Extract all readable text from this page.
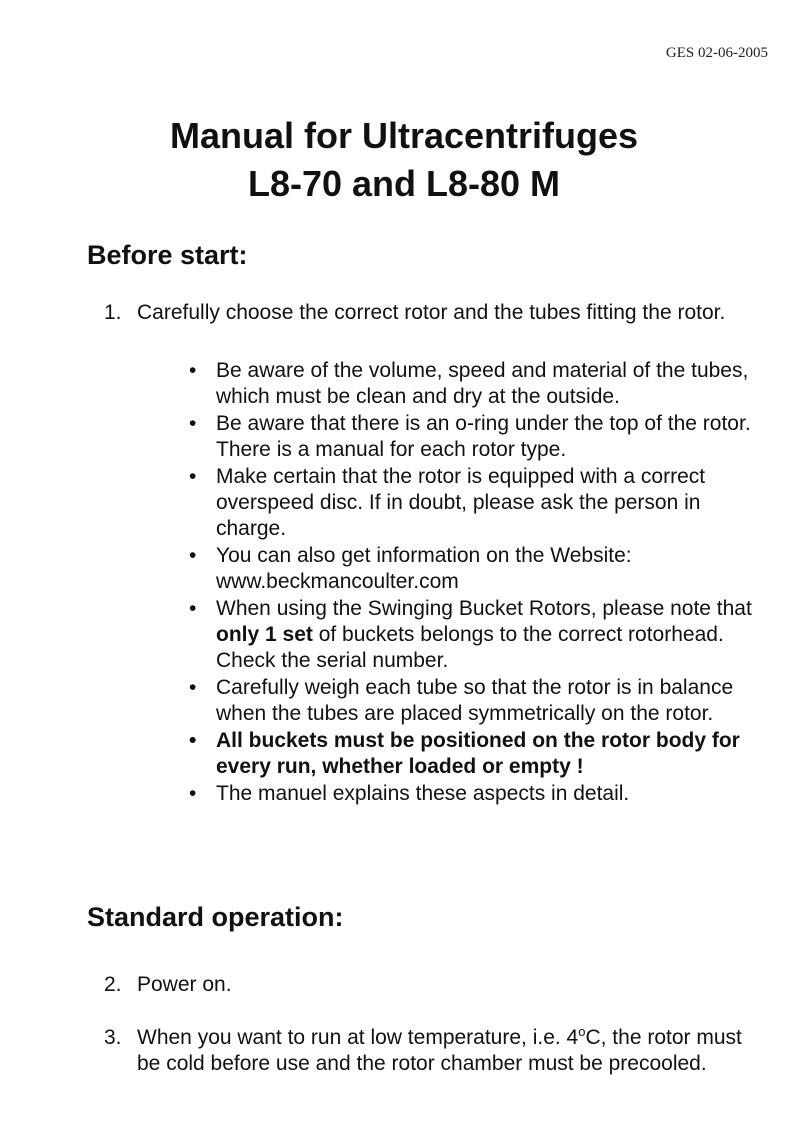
GES 02-06-2005
Manual for Ultracentrifuges
L8-70 and L8-80 M
Before start:
1. Carefully choose the correct rotor and the tubes fitting the rotor.
• Be aware of the volume, speed and material of the tubes, which must be clean and dry at the outside.
• Be aware that there is an o-ring under the top of the rotor. There is a manual for each rotor type.
• Make certain that the rotor is equipped with a correct overspeed disc. If in doubt, please ask the person in charge.
• You can also get information on the Website: www.beckmancoulter.com
• When using the Swinging Bucket Rotors, please note that only 1 set of buckets belongs to the correct rotorhead. Check the serial number.
• Carefully weigh each tube so that the rotor is in balance when the tubes are placed symmetrically on the rotor.
• All buckets must be positioned on the rotor body for every run, whether loaded or empty !
• The manuel explains these aspects in detail.
Standard operation:
2. Power on.
3. When you want to run at low temperature, i.e. 4$^o$C, the rotor must be cold before use and the rotor chamber must be precooled.
